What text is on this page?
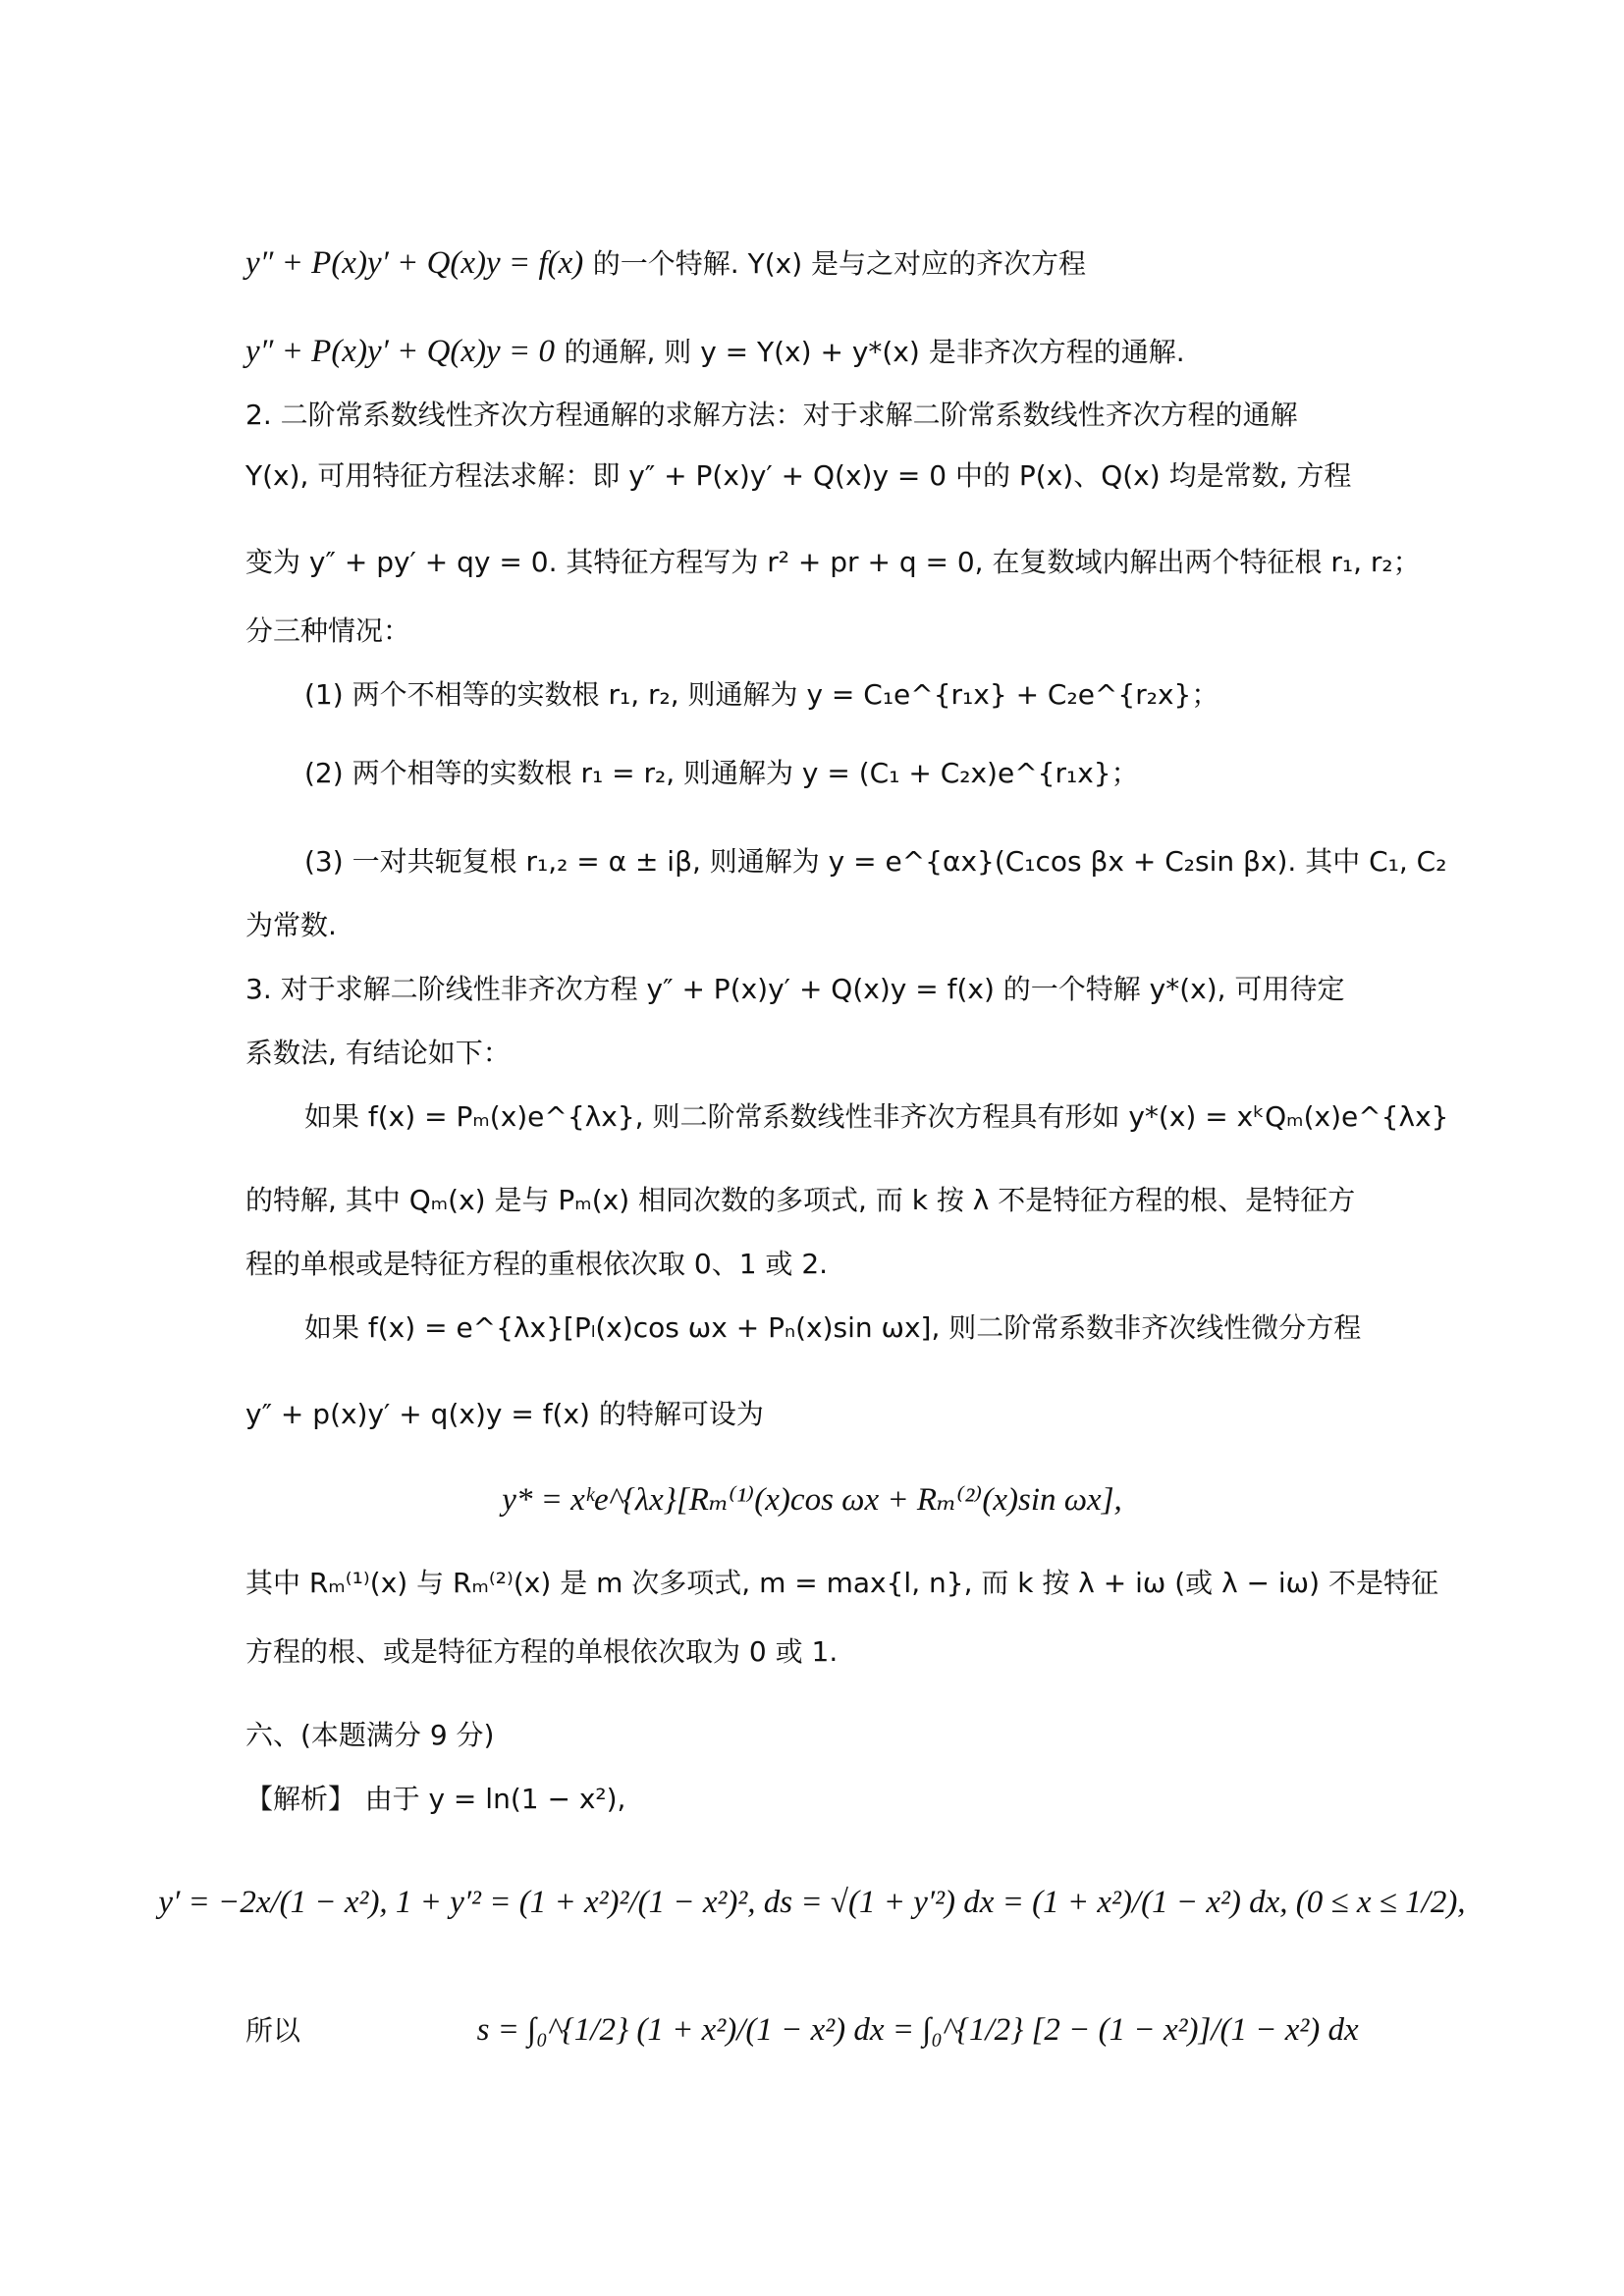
y″ + P(x)y′ + Q(x)y = f(x) 的一个特解. Y(x) 是与之对应的齐次方程
y″ + P(x)y′ + Q(x)y = 0 的通解, 则 y = Y(x) + y*(x) 是非齐次方程的通解.
2. 二阶常系数线性齐次方程通解的求解方法：对于求解二阶常系数线性齐次方程的通解
Y(x), 可用特征方程法求解：即 y″ + P(x)y′ + Q(x)y = 0 中的 P(x)、Q(x) 均是常数, 方程
变为 y″ + py′ + qy = 0. 其特征方程写为 r² + pr + q = 0, 在复数域内解出两个特征根 r₁, r₂；
分三种情况：
(1) 两个不相等的实数根 r₁, r₂, 则通解为 y = C₁e^{r₁x} + C₂e^{r₂x}；
(2) 两个相等的实数根 r₁ = r₂, 则通解为 y = (C₁ + C₂x)e^{r₁x}；
(3) 一对共轭复根 r₁,₂ = α ± iβ, 则通解为 y = e^{αx}(C₁cos βx + C₂sin βx). 其中 C₁, C₂
为常数.
3. 对于求解二阶线性非齐次方程 y″ + P(x)y′ + Q(x)y = f(x) 的一个特解 y*(x), 可用待定
系数法, 有结论如下：
如果 f(x) = Pₘ(x)e^{λx}, 则二阶常系数线性非齐次方程具有形如 y*(x) = xᵏQₘ(x)e^{λx}
的特解, 其中 Qₘ(x) 是与 Pₘ(x) 相同次数的多项式, 而 k 按 λ 不是特征方程的根、是特征方
程的单根或是特征方程的重根依次取 0、1 或 2.
如果 f(x) = e^{λx}[Pₗ(x)cos ωx + Pₙ(x)sin ωx], 则二阶常系数非齐次线性微分方程
y″ + p(x)y′ + q(x)y = f(x) 的特解可设为
y* = xᵏe^{λx}[Rₘ⁽¹⁾(x)cos ωx + Rₘ⁽²⁾(x)sin ωx],
其中 Rₘ⁽¹⁾(x) 与 Rₘ⁽²⁾(x) 是 m 次多项式, m = max{l, n}, 而 k 按 λ + iω (或 λ − iω) 不是特征
方程的根、或是特征方程的单根依次取为 0 或 1.
六、(本题满分 9 分)
【解析】 由于 y = ln(1 − x²),
y′ = −2x/(1 − x²), 1 + y′² = (1 + x²)²/(1 − x²)², ds = √(1 + y′²) dx = (1 + x²)/(1 − x²) dx, (0 ≤ x ≤ 1/2),
所以	s = ∫₀^{1/2} (1 + x²)/(1 − x²) dx = ∫₀^{1/2} [2 − (1 − x²)]/(1 − x²) dx
